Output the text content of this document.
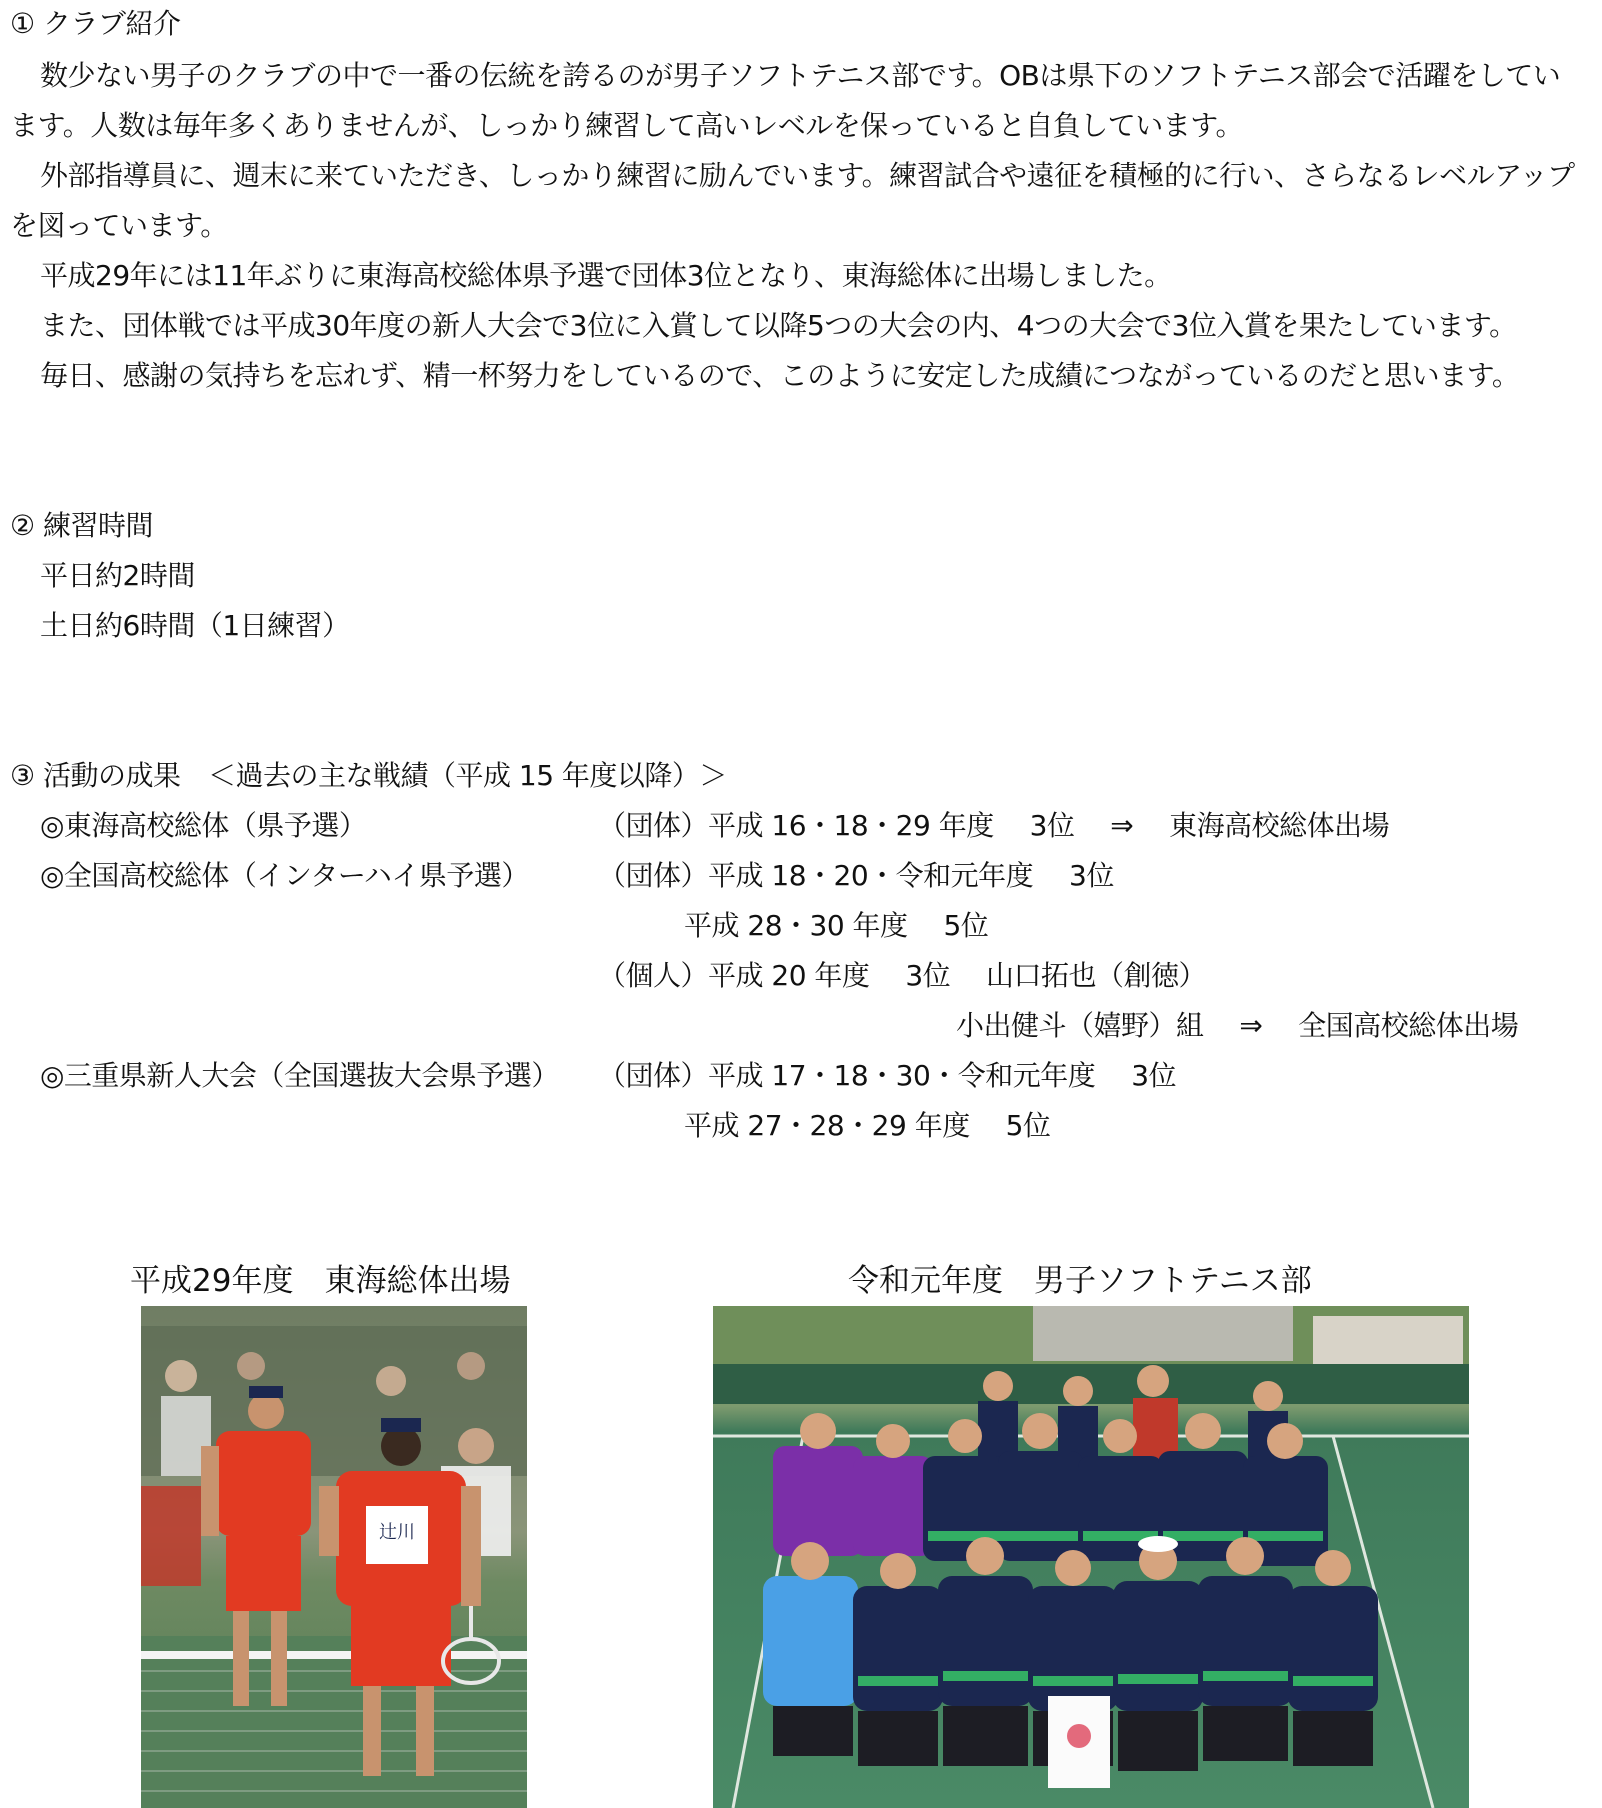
① クラブ紹介
数少ない男子のクラブの中で一番の伝統を誇るのが男子ソフトテニス部です。OBは県下のソフトテニス部会で活躍をしてい
ます。人数は毎年多くありませんが、しっかり練習して高いレベルを保っていると自負しています。
外部指導員に、週末に来ていただき、しっかり練習に励んでいます。練習試合や遠征を積極的に行い、さらなるレベルアップ
を図っています。
平成29年には11年ぶりに東海高校総体県予選で団体3位となり、東海総体に出場しました。
また、団体戦では平成30年度の新人大会で3位に入賞して以降5つの大会の内、4つの大会で3位入賞を果たしています。
毎日、感謝の気持ちを忘れず、精一杯努力をしているので、このように安定した成績につながっているのだと思います。
② 練習時間
平日約2時間
土日約6時間（1日練習）
③ 活動の成果　＜過去の主な戦績（平成 15 年度以降）＞
◎東海高校総体（県予選）	（団体）平成 16・18・29 年度　 3位　 ⇒　 東海高校総体出場
◎全国高校総体（インターハイ県予選） （団体）平成 18・20・令和元年度　 3位
平成 28・30 年度　 5位
（個人）平成 20 年度　 3位　 山口拓也（創徳）
小出健斗（嬉野）組　 ⇒　 全国高校総体出場
◎三重県新人大会（全国選抜大会県予選） （団体）平成 17・18・30・令和元年度　 3位
平成 27・28・29 年度　 5位
平成29年度　東海総体出場	令和元年度　男子ソフトテニス部
辻川
